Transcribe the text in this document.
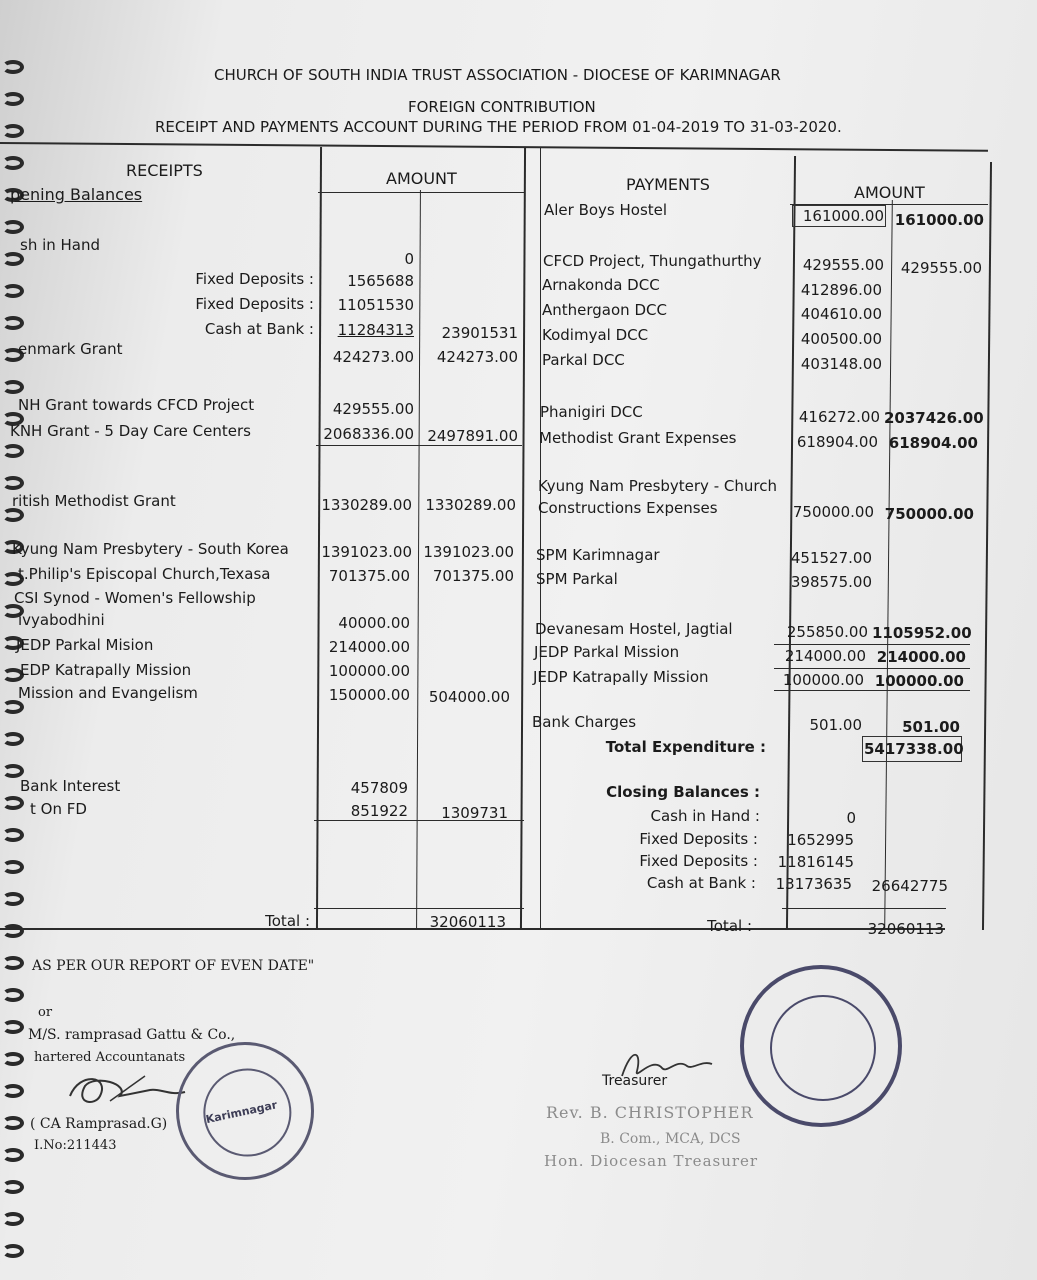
CHURCH OF SOUTH INDIA TRUST ASSOCIATION - DIOCESE OF KARIMNAGAR
FOREIGN CONTRIBUTION
RECEIPT AND PAYMENTS ACCOUNT DURING THE PERIOD FROM 01-04-2019 TO 31-03-2020.
RECEIPTS	AMOUNT	PAYMENTS	AMOUNT
pening Balances
sh in Hand
0
Fixed Deposits :	1565688
Fixed Deposits :	11051530
Cash at Bank :	11284313	23901531
enmark Grant	424273.00	424273.00
NH Grant towards CFCD Project	429555.00
KNH Grant - 5 Day Care Centers	2068336.00 2497891.00
ritish Methodist Grant	1330289.00 1330289.00
Kyung Nam Presbytery - South Korea 1391023.00 1391023.00
t.Philip's Episcopal Church,Texasa	701375.00	701375.00
CSI Synod - Women's Fellowship
ivyabodhini	40000.00
JEDP Parkal Mision	214000.00
EDP Katrapally Mission	100000.00
Mission and Evangelism	150000.00	504000.00
Bank Interest	457809
t On FD	851922	1309731
Total :	32060113
Aler Boys Hostel	161000.00 161000.00
CFCD Project, Thungathurthy	429555.00	429555.00
Arnakonda DCC	412896.00
Anthergaon DCC	404610.00
Kodimyal DCC	400500.00
Parkal DCC	403148.00
Phanigiri DCC	416272.00 2037426.00
Methodist Grant Expenses	618904.00 618904.00
Kyung Nam Presbytery - Church
Constructions Expenses	750000.00 750000.00
SPM Karimnagar	451527.00
SPM Parkal	398575.00
Devanesam Hostel, Jagtial	255850.00 1105952.00
JEDP Parkal Mission	214000.00 214000.00
JEDP Katrapally Mission	100000.00 100000.00
Bank Charges	501.00	501.00
Total Expenditure :	5417338.00
Closing Balances :
Cash in Hand :	0
Fixed Deposits :	1652995
Fixed Deposits :	11816145
Cash at Bank :	13173635	26642775
Total :	32060113
AS PER OUR REPORT OF EVEN DATE"
or
M/S. ramprasad Gattu & Co.,
hartered Accountanats
( CA Ramprasad.G)
I.No:211443
Karimnagar
Treasurer
Rev. B. CHRISTOPHER
B. Com., MCA, DCS
Hon. Diocesan Treasurer
